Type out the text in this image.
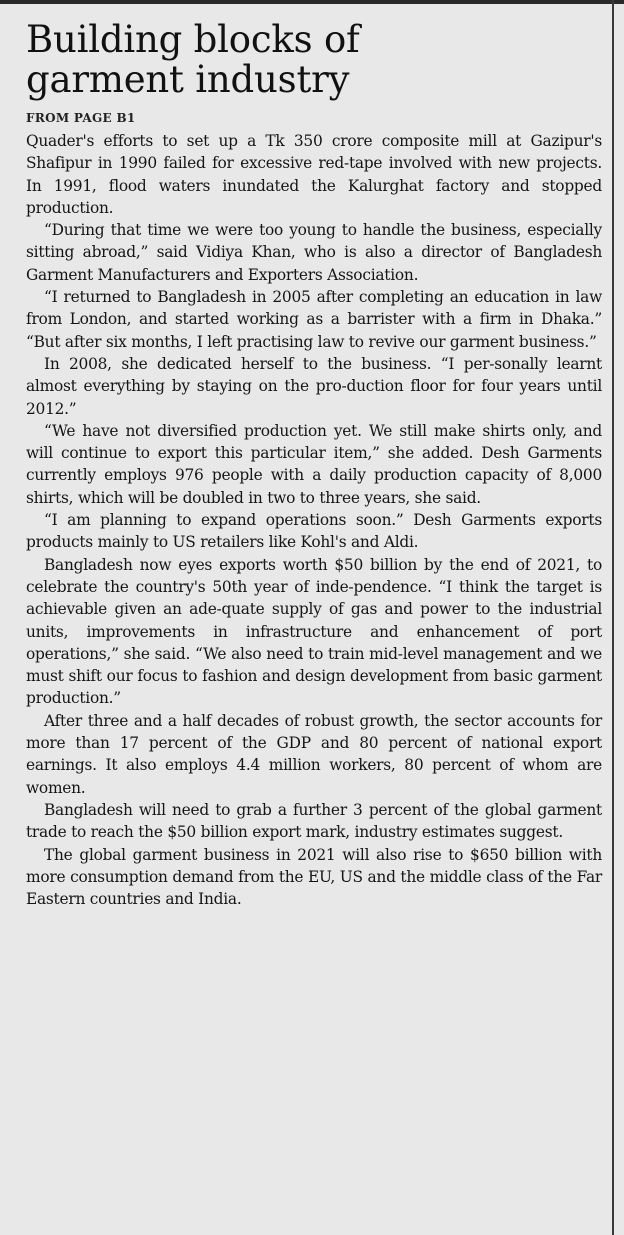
Building blocks of garment industry
FROM PAGE B1

Quader's efforts to set up a Tk 350 crore composite mill at Gazipur's Shafipur in 1990 failed for excessive red-tape involved with new projects. In 1991, flood waters inundated the Kalurghat factory and stopped production.

“During that time we were too young to handle the business, especially sitting abroad,” said Vidiya Khan, who is also a director of Bangladesh Garment Manufacturers and Exporters Association.

“I returned to Bangladesh in 2005 after completing an education in law from London, and started working as a barrister with a firm in Dhaka.” “But after six months, I left practising law to revive our garment business.”

In 2008, she dedicated herself to the business. “I per-sonally learnt almost everything by staying on the pro-duction floor for four years until 2012.”

“We have not diversified production yet. We still make shirts only, and will continue to export this particular item,” she added. Desh Garments currently employs 976 people with a daily production capacity of 8,000 shirts, which will be doubled in two to three years, she said.

“I am planning to expand operations soon.” Desh Garments exports products mainly to US retailers like Kohl's and Aldi.

Bangladesh now eyes exports worth $50 billion by the end of 2021, to celebrate the country's 50th year of inde-pendence. “I think the target is achievable given an ade-quate supply of gas and power to the industrial units, improvements in infrastructure and enhancement of port operations,” she said. “We also need to train mid-level management and we must shift our focus to fashion and design development from basic garment production.”

After three and a half decades of robust growth, the sector accounts for more than 17 percent of the GDP and 80 percent of national export earnings. It also employs 4.4 million workers, 80 percent of whom are women.

Bangladesh will need to grab a further 3 percent of the global garment trade to reach the $50 billion export mark, industry estimates suggest.

The global garment business in 2021 will also rise to $650 billion with more consumption demand from the EU, US and the middle class of the Far Eastern countries and India.
